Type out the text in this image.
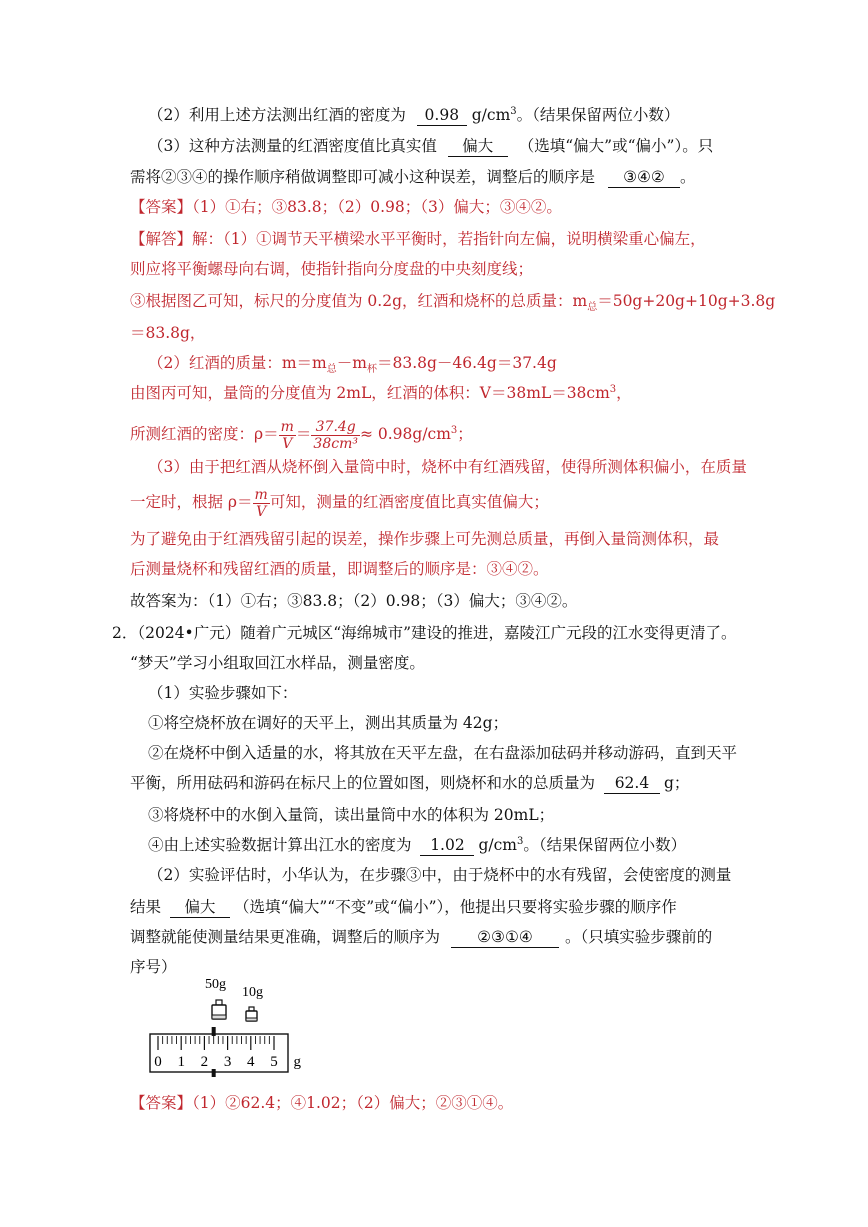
（2）利用上述方法测出红酒的密度为 0.98 $g/cm^3$。（结果保留两位小数）
（3）这种方法测量的红酒密度值比真实值 偏大 （选填“偏大”或“偏小”）。只
需将②③④的操作顺序稍做调整即可减小这种误差，调整后的顺序是 ③④② 。
【答案】（1）①右；③83.8；（2）0.98；（3）偏大；③④②。
【解答】解：（1）①调节天平横梁水平平衡时，若指针向左偏，说明横梁重心偏左，
则应将平衡螺母向右调，使指针指向分度盘的中央刻度线；
③根据图乙可知，标尺的分度值为 0.2g，红酒和烧杯的总质量：$m_总=50g+20g+10g+3.8g$
＝83.8g，
（2）红酒的质量：$m=m_总-m_杯=83.8g-46.4g=37.4g$
由图丙可知，量筒的分度值为 2mL，红酒的体积：$V=38mL=38cm^3$，
所测红酒的密度：$\rho= \frac{m}{V} = \frac{37.4g}{\text{38cm³}} \approx 0.98g/cm^3$；
（3）由于把红酒从烧杯倒入量筒中时，烧杯中有红酒残留，使得所测体积偏小，在质量
一定时，根据 $\rho= \frac{m}{V}$ 可知，测量的红酒密度值比真实值偏大；
为了避免由于红酒残留引起的误差，操作步骤上可先测总质量，再倒入量筒测体积，最
后测量烧杯和残留红酒的质量，即调整后的顺序是：③④②。
故答案为：（1）①右；③83.8；（2）0.98；（3）偏大；③④②。
2．（2024•广元）随着广元城区“海绵城市”建设的推进，嘉陵江广元段的江水变得更清了。
“梦天”学习小组取回江水样品，测量密度。
（1）实验步骤如下：
①将空烧杯放在调好的天平上，测出其质量为 42g；
②在烧杯中倒入适量的水，将其放在天平左盘，在右盘添加砝码并移动游码，直到天平
平衡，所用砝码和游码在标尺上的位置如图，则烧杯和水的总质量为 62.4 g；
③将烧杯中的水倒入量筒，读出量筒中水的体积为 20mL；
④由上述实验数据计算出江水的密度为 1.02 $g/cm^3$。（结果保留两位小数）
（2）实验评估时，小华认为，在步骤③中，由于烧杯中的水有残留，会使密度的测量
结果 偏大 （选填“偏大”“不变”或“偏小”），他提出只要将实验步骤的顺序作
调整就能使测量结果更准确，调整后的顺序为 ②③①④ 。（只填实验步骤前的
序号）
50g
10g
0 1 2 3 4 5 g
【答案】（1）②62.4；④1.02；（2）偏大；②③①④。
